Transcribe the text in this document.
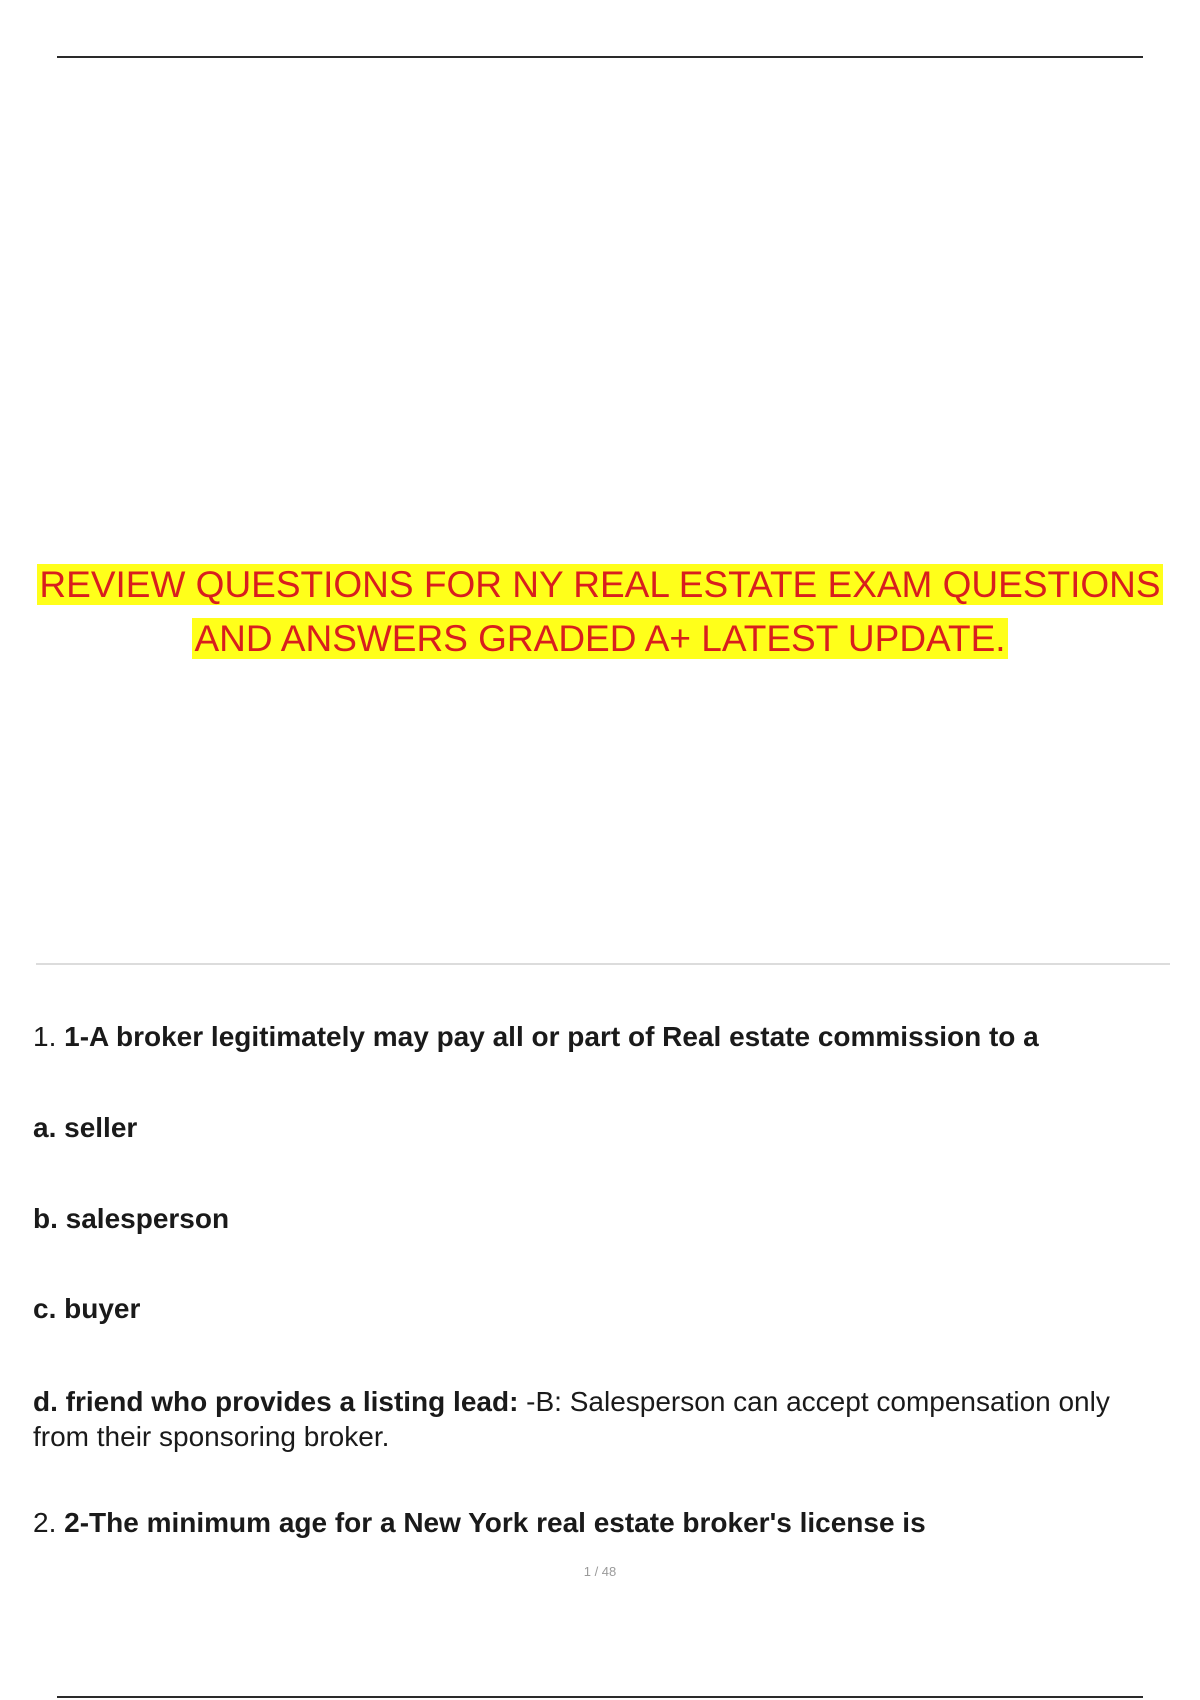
REVIEW QUESTIONS FOR NY REAL ESTATE EXAM QUESTIONS
AND ANSWERS GRADED A+ LATEST UPDATE.
1. 1-A broker legitimately may pay all or part of Real estate commission to a
a. seller
b. salesperson
c. buyer
d. friend who provides a listing lead: -B: Salesperson can accept compensation only from their sponsoring broker.
2. 2-The minimum age for a New York real estate broker's license is
1 / 48
